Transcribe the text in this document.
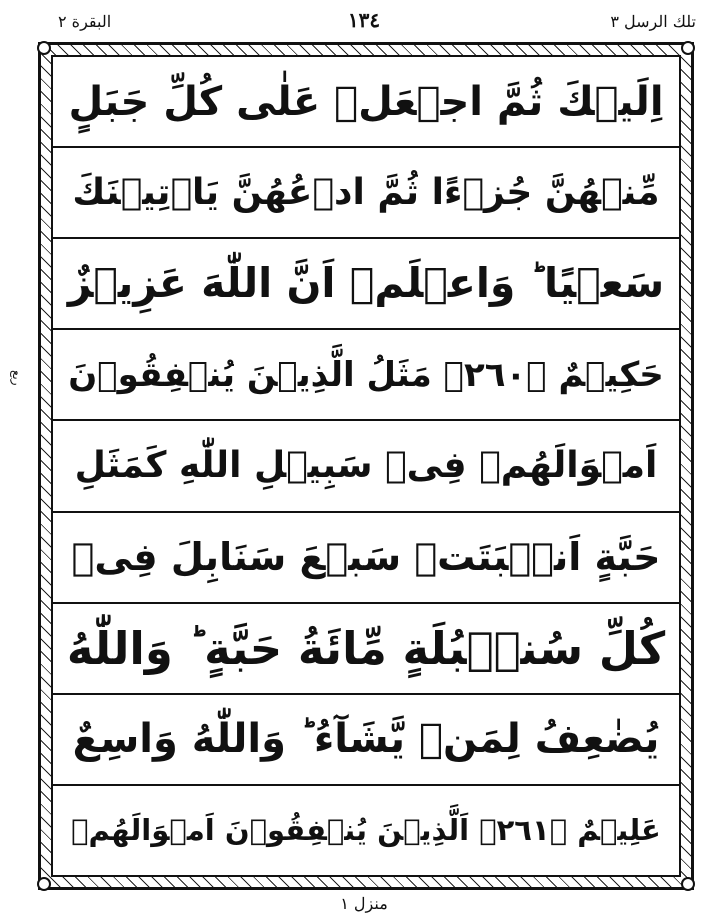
البقرة ٢	١٣٤	تلك الرسل ٣
ربع
اِلَيۡكَ ثُمَّ اجۡعَلۡ عَلٰى كُلِّ جَبَلٍ
مِّنۡهُنَّ جُزۡءًا ثُمَّ ادۡعُهُنَّ يَاۡتِيۡنَكَ
سَعۡيًا ؕ وَاعۡلَمۡ اَنَّ اللّٰهَ عَزِيۡزٌ
حَكِيۡمٌ ﴿٢٦٠﴾ مَثَلُ الَّذِيۡنَ يُنۡفِقُوۡنَ
اَمۡوَالَهُمۡ فِىۡ سَبِيۡلِ اللّٰهِ كَمَثَلِ
حَبَّةٍ اَنۡۢبَتَتۡ سَبۡعَ سَنَابِلَ فِىۡ
كُلِّ سُنۡۢبُلَةٍ مِّائَةُ حَبَّةٍ ؕ وَاللّٰهُ
يُضٰعِفُ لِمَنۡ يَّشَآءُ ؕ وَاللّٰهُ وَاسِعٌ
عَلِيۡمٌ ﴿٢٦١﴾ اَلَّذِيۡنَ يُنۡفِقُوۡنَ اَمۡوَالَهُمۡ
منزل ١
